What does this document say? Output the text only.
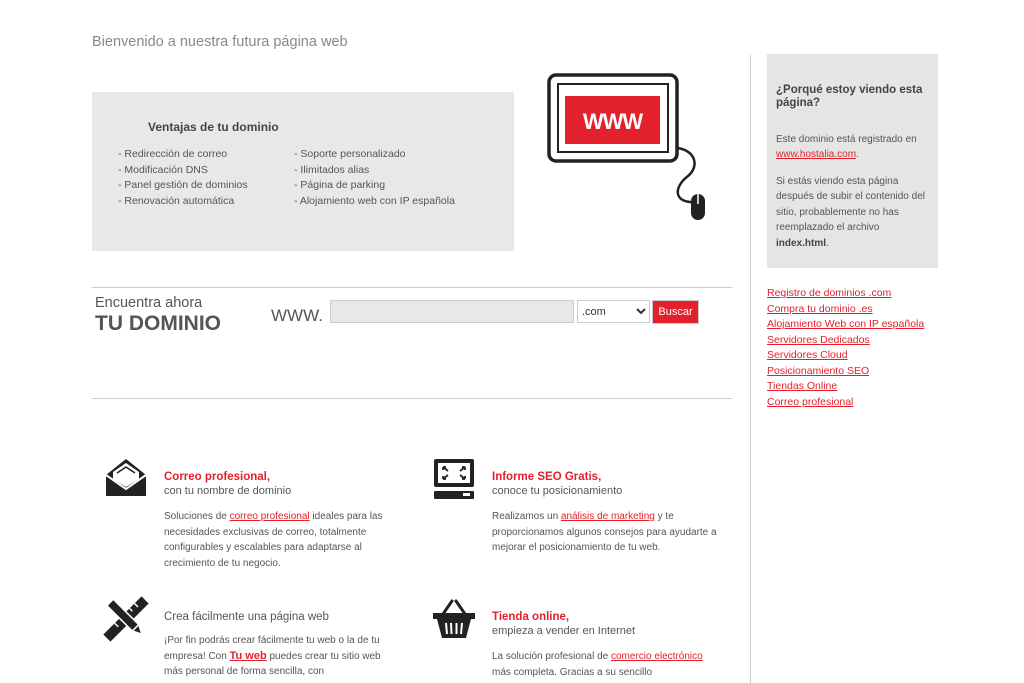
Bienvenido a nuestra futura página web
Ventajas de tu dominio
- Redirección de correo
- Modificación DNS
- Panel gestión de dominios
- Renovación automática
- Soporte personalizado
- Ilimitados alias
- Página de parking
- Alojamiento web con IP española
WWW
Encuentra ahora
TU DOMINIO	WWW.
.com	Buscar
Correo profesional,
con tu nombre de dominio
Soluciones de correo profesional ideales para las necesidades exclusivas de correo, totalmente configurables y escalables para adaptarse al crecimiento de tu negocio.
Informe SEO Gratis,
conoce tu posicionamiento
Realizamos un análisis de marketing y te proporcionamos algunos consejos para ayudarte a mejorar el posicionamiento de tu web.
Crea fácilmente una página web
¡Por fin podrás crear fácilmente tu web o la de tu empresa! Con Tu web puedes crear tu sitio web más personal de forma sencilla, con
Tienda online,
empieza a vender en Internet
La solución profesional de comercio electrónico más completa. Gracias a su sencillo
¿Porqué estoy viendo esta página?
Este dominio está registrado en www.hostalia.com.
Si estás viendo esta página después de subir el contenido del sitio, probablemente no has reemplazado el archivo index.html.
Registro de dominios .com
Compra tu dominio .es
Alojamiento Web con IP española
Servidores Dedicados
Servidores Cloud
Posicionamiento SEO
Tiendas Online
Correo profesional
